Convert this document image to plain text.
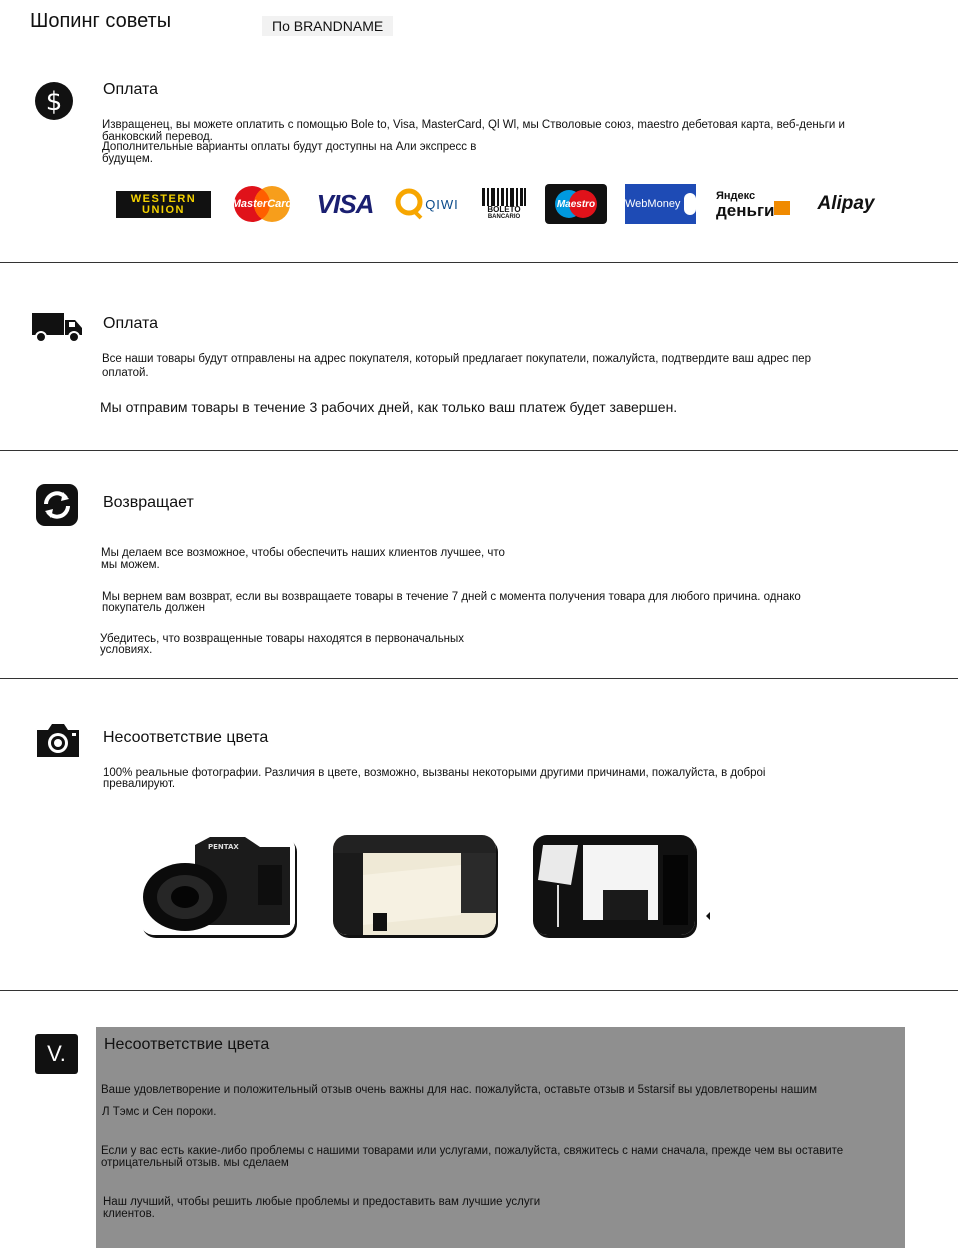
Шопинг советы	По BRANDNAME
$	Оплата
Извращенец, вы можете оплатить с помощью Bole to, Visa, MasterCard, Ql Wl, мы Стволовые союз, maestro дебетовая карта, веб-деньги и
банковский перевод.
Дополнительные варианты оплаты будут доступны на Али экспресс в
будущем.
WESTERN
UNION	MasterCard VISA	QIWI	BOLETO
BANCARIO
Maestro	WebMoney
Яндекс
деньги	Alipay
Оплата
Все наши товары будут отправлены на адрес покупателя, который предлагает покупатели, пожалуйста, подтвердите ваш адрес пер
оплатой.
Мы отправим товары в течение 3 рабочих дней, как только ваш платеж будет завершен.
Возвращает
Мы делаем все возможное, чтобы обеспечить наших клиентов лучшее, что
мы можем.
Мы вернем вам возврат, если вы возвращаете товары в течение 7 дней с момента получения товара для любого причина. однако
покупатель должен
Убедитесь, что возвращенные товары находятся в первоначальных
условиях.
Несоответствие цвета
100% реальные фотографии. Различия в цвете, возможно, вызваны некоторыми другими причинами, пожалуйста, в доброі
превалируют.
PENTAX
V.	Несоответствие цвета
Ваше удовлетворение и положительный отзыв очень важны для нас. пожалуйста, оставьте отзыв и 5starsif вы удовлетворены нашим
Л Тэмс и Сен пороки.
Если у вас есть какие-либо проблемы с нашими товарами или услугами, пожалуйста, свяжитесь с нами сначала, прежде чем вы оставите
отрицательный отзыв. мы сделаем
Наш лучший, чтобы решить любые проблемы и предоставить вам лучшие услуги
клиентов.
